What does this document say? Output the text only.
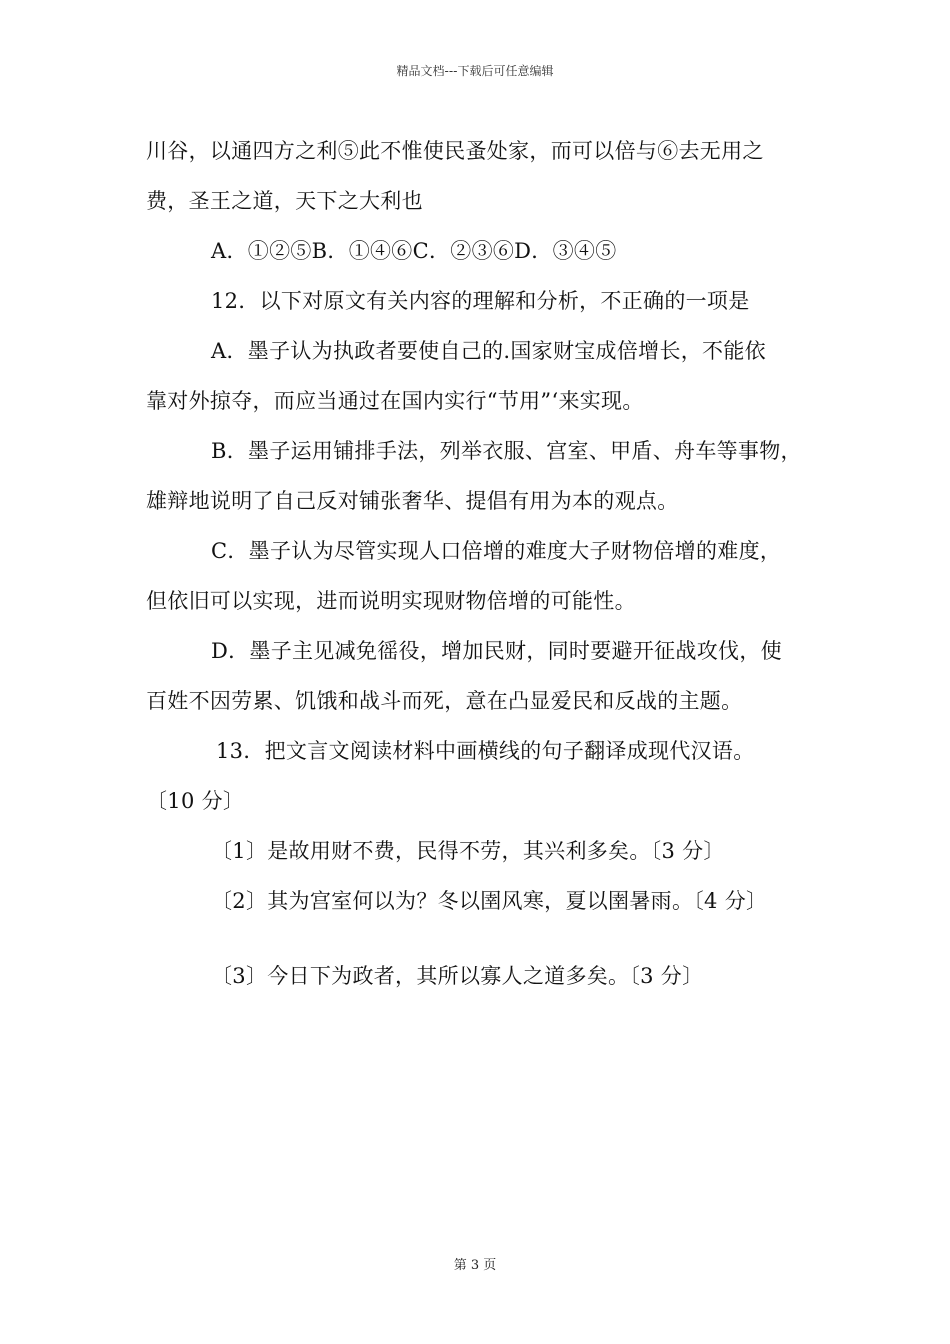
精品文档---下载后可任意编辑
川谷，以通四方之利⑤此不惟使民蚤处家，而可以倍与⑥去无用之
费，圣王之道，天下之大利也
A．①②⑤B．①④⑥C．②③⑥D．③④⑤
12．以下对原文有关内容的理解和分析，不正确的一项是
A．墨子认为执政者要使自己的.国家财宝成倍增长，不能依
靠对外掠夺，而应当通过在国内实行“节用”‘来实现。
B．墨子运用铺排手法，列举衣服、宫室、甲盾、舟车等事物，
雄辩地说明了自己反对铺张奢华、提倡有用为本的观点。
C．墨子认为尽管实现人口倍增的难度大子财物倍增的难度，
但依旧可以实现，进而说明实现财物倍增的可能性。
D．墨子主见减免徭役，增加民财，同时要避开征战攻伐，使
百姓不因劳累、饥饿和战斗而死，意在凸显爱民和反战的主题。
13．把文言文阅读材料中画横线的句子翻译成现代汉语。
〔10 分〕
〔1〕是故用财不费，民得不劳，其兴利多矣。〔3 分〕
〔2〕其为宫室何以为？冬以圉风寒，夏以圉暑雨。〔4 分〕
〔3〕今日下为政者，其所以寡人之道多矣。〔3 分〕
第 3 页
